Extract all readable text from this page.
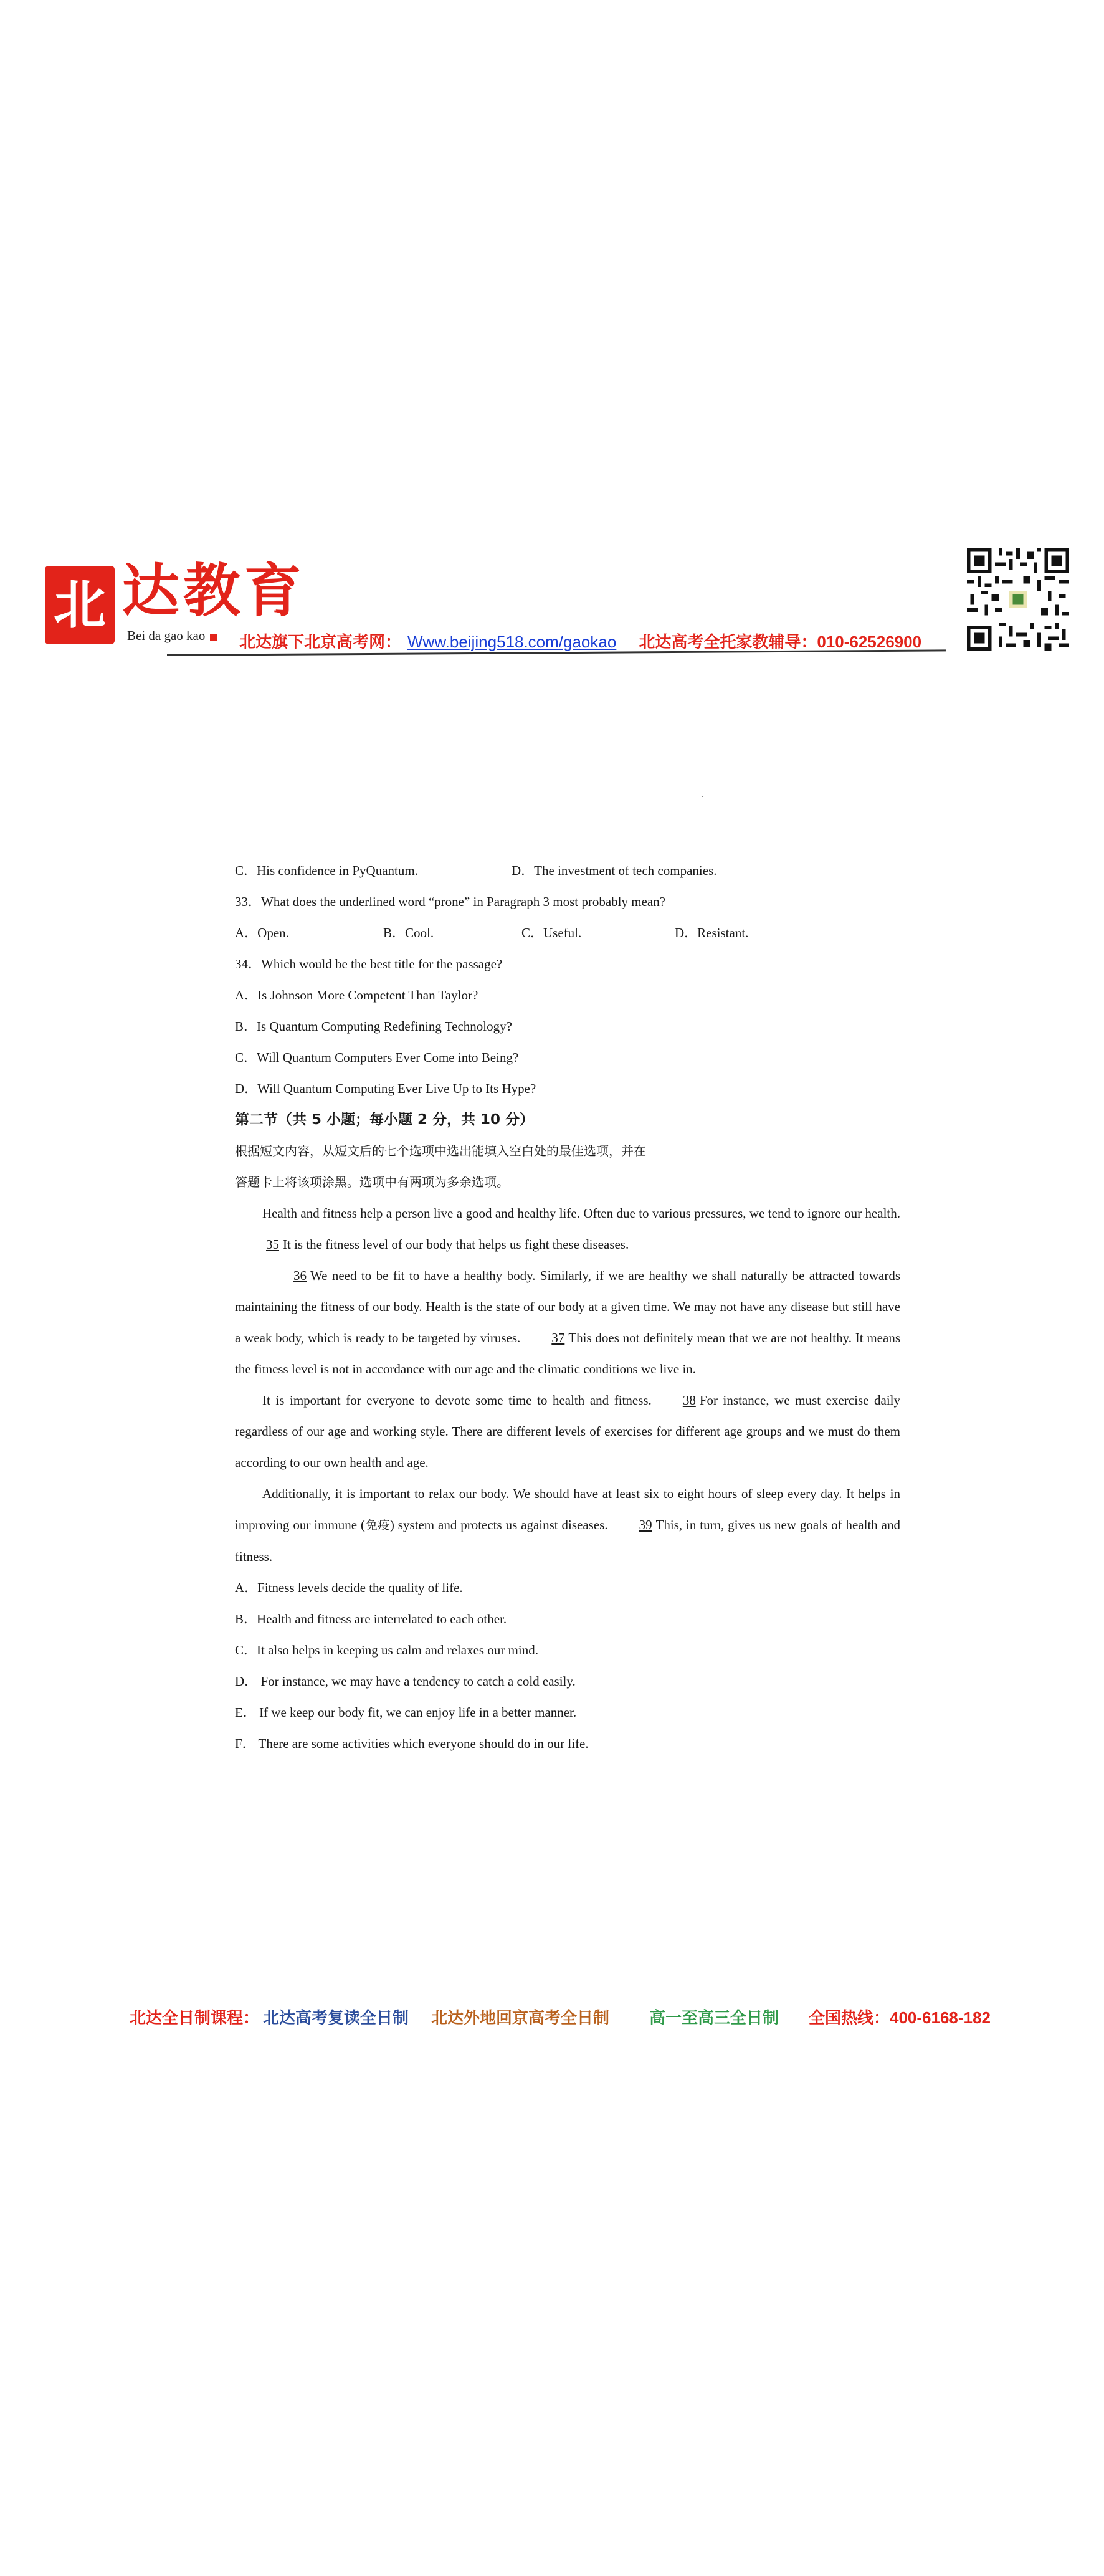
北 达教育
Bei da gao kao	北达旗下北京高考网： Www.beijing518.com/gaokao 北达高考全托家教辅导：010-62526900
.
C．His confidence in PyQuantum.	D．The investment of tech companies.
33．What does the underlined word “prone” in Paragraph 3 most probably mean?
A．Open.	B．Cool.	C．Useful.	D．Resistant.
34．Which would be the best title for the passage?
A．Is Johnson More Competent Than Taylor?
B．Is Quantum Computing Redefining Technology?
C．Will Quantum Computers Ever Come into Being?
D．Will Quantum Computing Ever Live Up to Its Hype?
第二节（共 5 小题；每小题 2 分，共 10 分）
根据短文内容，从短文后的七个选项中选出能填入空白处的最佳选项，并在
答题卡上将该项涂黑。选项中有两项为多余选项。
Health and fitness help a person live a good and healthy life. Often due to various pressures, we tend to ignore our health.35 It is the fitness level of our body that helps us fight these diseases.
36 We need to be fit to have a healthy body. Similarly, if we are healthy we shall naturally be attracted towards maintaining the fitness of our body. Health is the state of our body at a given time. We may not have any disease but still have a weak body, which is ready to be targeted by viruses. 37 This does not definitely mean that we are not healthy. It means the fitness level is not in accordance with our age and the climatic conditions we live in.
It is important for everyone to devote some time to health and fitness. 38 For instance, we must exercise daily regardless of our age and working style. There are different levels of exercises for different age groups and we must do them according to our own health and age.
Additionally, it is important to relax our body. We should have at least six to eight hours of sleep every day. It helps in improving our immune (免疫) system and protects us against diseases. 39 This, in turn, gives us new goals of health and fitness.
A．Fitness levels decide the quality of life.
B．Health and fitness are interrelated to each other.
C．It also helps in keeping us calm and relaxes our mind.
D． For instance, we may have a tendency to catch a cold easily.
E． If we keep our body fit, we can enjoy life in a better manner.
F． There are some activities which everyone should do in our life.
北达全日制课程： 北达高考复读全日制 北达外地回京高考全日制 高一至高三全日制 全国热线：400-6168-182
